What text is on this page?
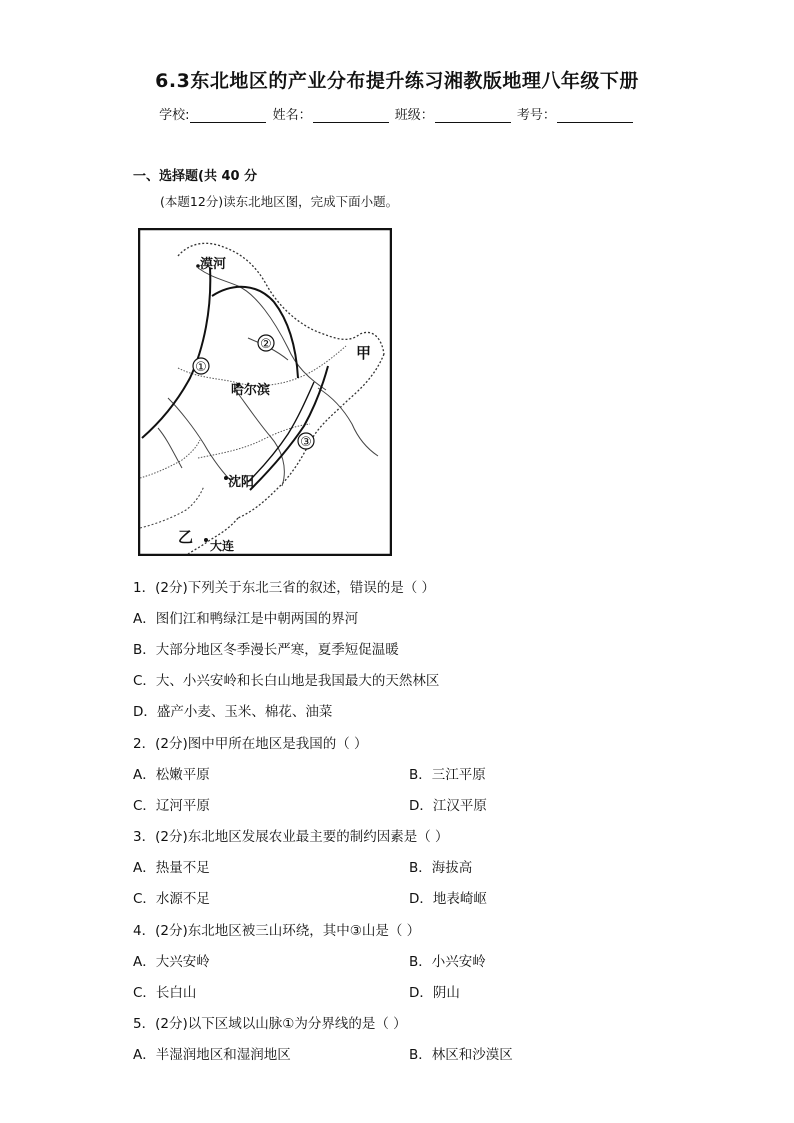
6.3东北地区的产业分布提升练习湘教版地理八年级下册
学校:	姓名：	班级：	考号：
一、选择题(共 40 分
(本题12分)读东北地区图，完成下面小题。
漠河
①
②
③
哈尔滨
沈阳
大连
甲
乙
1．(2分)下列关于东北三省的叙述，错误的是（ ）
A．图们江和鸭绿江是中朝两国的界河
B．大部分地区冬季漫长严寒，夏季短促温暖
C．大、小兴安岭和长白山地是我国最大的天然林区
D．盛产小麦、玉米、棉花、油菜
2．(2分)图中甲所在地区是我国的（ ）
A．松嫩平原	B．三江平原
C．辽河平原	D．江汉平原
3．(2分)东北地区发展农业最主要的制约因素是（ ）
A．热量不足	B．海拔高
C．水源不足	D．地表崎岖
4．(2分)东北地区被三山环绕，其中③山是（ ）
A．大兴安岭	B．小兴安岭
C．长白山	D．阴山
5．(2分)以下区域以山脉①为分界线的是（ ）
A．半湿润地区和湿润地区	B．林区和沙漠区
